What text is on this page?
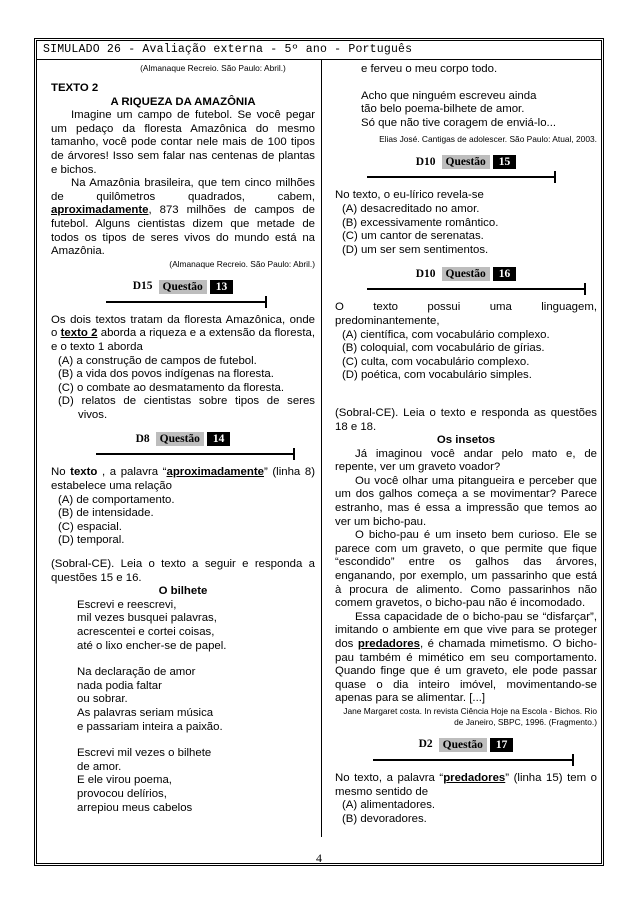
SIMULADO 26 - Avaliação externa - 5º ano - Português

(Almanaque Recreio. São Paulo: Abril.)

TEXTO 2

A RIQUEZA DA AMAZÔNIA

Imagine um campo de futebol. Se você pegar um pedaço da floresta Amazônica do mesmo tamanho, você pode contar nele mais de 100 tipos de árvores! Isso sem falar nas centenas de plantas e bichos.

Na Amazônia brasileira, que tem cinco milhões de quilômetros quadrados, cabem, aproximadamente, 873 milhões de campos de futebol. Alguns cientistas dizem que metade de todos os tipos de seres vivos do mundo está na Amazônia.

(Almanaque Recreio. São Paulo: Abril.)

D15 Questão	13

Os dois textos tratam da floresta Amazônica, onde o texto 2 aborda a riqueza e a extensão da floresta, e o texto 1 aborda

(A) a construção de campos de futebol.

(B) a vida dos povos indígenas na floresta.

(C) o combate ao desmatamento da floresta.

(D) relatos de cientistas sobre tipos de seres vivos.

D8 Questão	14

No texto , a palavra “aproximadamente” (linha 8) estabelece uma relação

(A) de comportamento.

(B) de intensidade.

(C) espacial.

(D) temporal.

(Sobral-CE). Leia o texto a seguir e responda a questões 15 e 16.

O bilhete

Escrevi e reescrevi,

mil vezes busquei palavras,

acrescentei e cortei coisas,

até o lixo encher-se de papel.

Na declaração de amor

nada podia faltar

ou sobrar.

As palavras seriam música

e passariam inteira a paixão.

Escrevi mil vezes o bilhete

de amor.

E ele virou poema,

provocou delírios,

arrepiou meus cabelos

e ferveu o meu corpo todo.

Acho que ninguém escreveu ainda

tão belo poema-bilhete de amor.

Só que não tive coragem de enviá-lo...

Elias José. Cantigas de adolescer. São Paulo: Atual, 2003.

D10 Questão	15

No texto, o eu-lírico revela-se

(A) desacreditado no amor.

(B) excessivamente romântico.

(C) um cantor de serenatas.

(D) um ser sem sentimentos.

D10 Questão	16

O texto possui uma linguagem, predominantemente,

(A) científica, com vocabulário complexo.

(B) coloquial, com vocabulário de gírias.

(C) culta, com vocabulário complexo.

(D) poética, com vocabulário simples.

(Sobral-CE). Leia o texto e responda as questões 18 e 18.

Os insetos

Já imaginou você andar pelo mato e, de repente, ver um graveto voador?

Ou você olhar uma pitangueira e perceber que um dos galhos começa a se movimentar? Parece estranho, mas é essa a impressão que temos ao ver um bicho-pau.

O bicho-pau é um inseto bem curioso. Ele se parece com um graveto, o que permite que fique “escondido” entre os galhos das árvores, enganando, por exemplo, um passarinho que está à procura de alimento. Como passarinhos não comem gravetos, o bicho-pau não é incomodado.

Essa capacidade de o bicho-pau se “disfarçar”, imitando o ambiente em que vive para se proteger dos predadores, é chamada mimetismo. O bicho-pau também é mimético em seu comportamento. Quando finge que é um graveto, ele pode passar quase o dia inteiro imóvel, movimentando-se apenas para se alimentar. [...]

Jane Margaret costa. In revista Ciência Hoje na Escola - Bichos. Rio de Janeiro, SBPC, 1996. (Fragmento.)

D2 Questão	17

No texto, a palavra “predadores” (linha 15) tem o mesmo sentido de

(A) alimentadores.

(B) devoradores.

4
